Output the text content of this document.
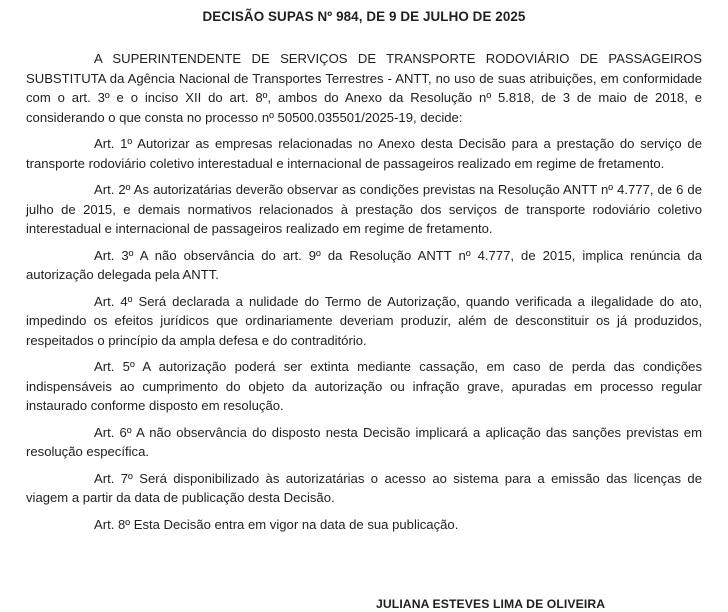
DECISÃO SUPAS Nº 984, DE 9 DE JULHO DE 2025

A SUPERINTENDENTE DE SERVIÇOS DE TRANSPORTE RODOVIÁRIO DE PASSAGEIROS SUBSTITUTA da Agência Nacional de Transportes Terrestres - ANTT, no uso de suas atribuições, em conformidade com o art. 3º e o inciso XII do art. 8º, ambos do Anexo da Resolução nº 5.818, de 3 de maio de 2018, e considerando o que consta no processo nº 50500.035501/2025-19, decide:

Art. 1º Autorizar as empresas relacionadas no Anexo desta Decisão para a prestação do serviço de transporte rodoviário coletivo interestadual e internacional de passageiros realizado em regime de fretamento.

Art. 2º As autorizatárias deverão observar as condições previstas na Resolução ANTT nº 4.777, de 6 de julho de 2015, e demais normativos relacionados à prestação dos serviços de transporte rodoviário coletivo interestadual e internacional de passageiros realizado em regime de fretamento.

Art. 3º A não observância do art. 9º da Resolução ANTT nº 4.777, de 2015, implica renúncia da autorização delegada pela ANTT.

Art. 4º Será declarada a nulidade do Termo de Autorização, quando verificada a ilegalidade do ato, impedindo os efeitos jurídicos que ordinariamente deveriam produzir, além de desconstituir os já produzidos, respeitados o princípio da ampla defesa e do contraditório.

Art. 5º A autorização poderá ser extinta mediante cassação, em caso de perda das condições indispensáveis ao cumprimento do objeto da autorização ou infração grave, apuradas em processo regular instaurado conforme disposto em resolução.

Art. 6º A não observância do disposto nesta Decisão implicará a aplicação das sanções previstas em resolução específica.

Art. 7º Será disponibilizado às autorizatárias o acesso ao sistema para a emissão das licenças de viagem a partir da data de publicação desta Decisão.

Art. 8º Esta Decisão entra em vigor na data de sua publicação.

JULIANA ESTEVES LIMA DE OLIVEIRA
